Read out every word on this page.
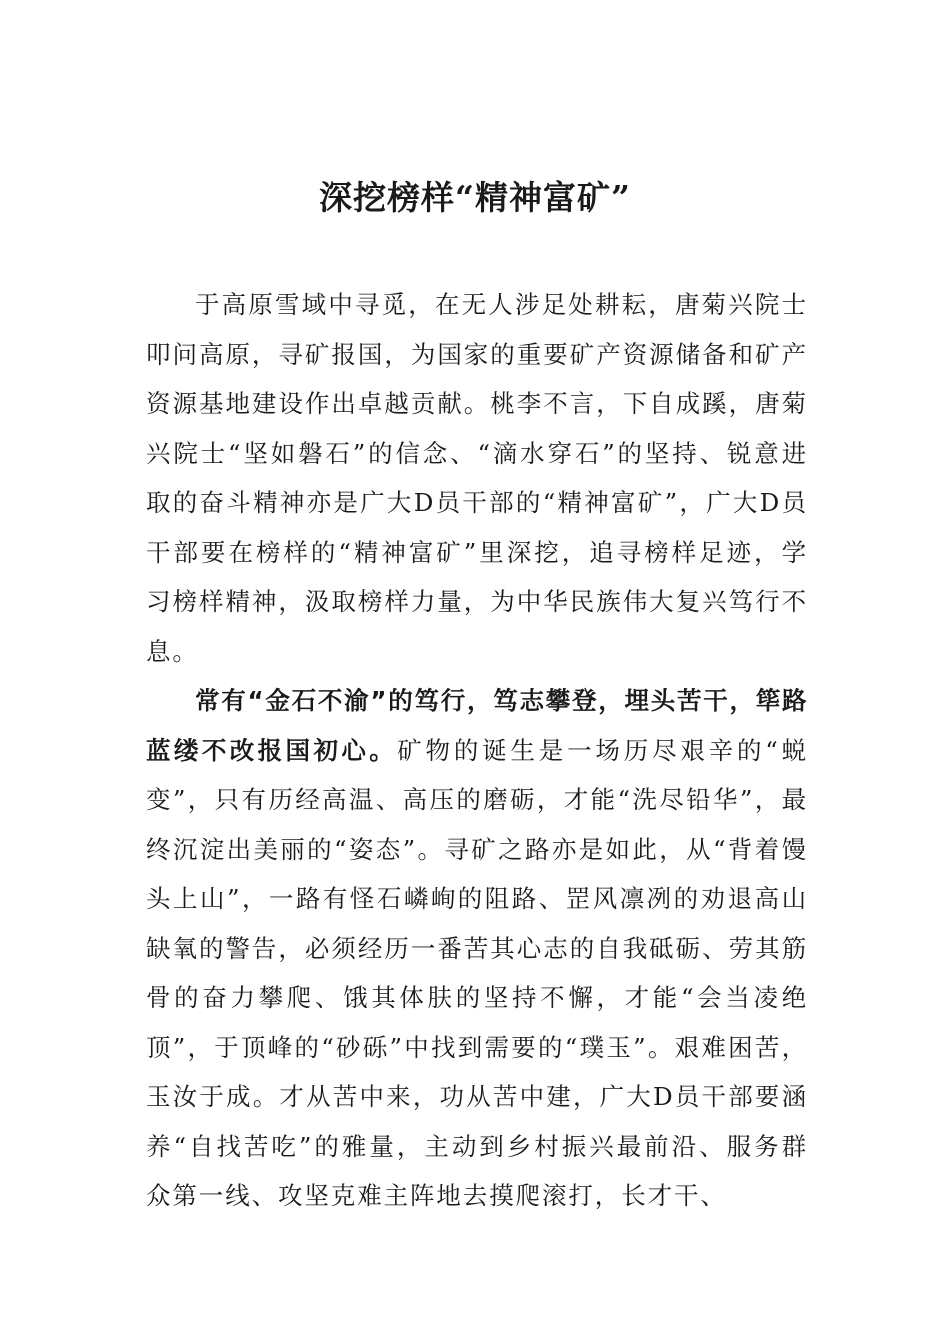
深挖榜样“精神富矿”

于高原雪域中寻觅，在无人涉足处耕耘，唐菊兴院士叩问高原，寻矿报国，为国家的重要矿产资源储备和矿产资源基地建设作出卓越贡献。桃李不言，下自成蹊，唐菊兴院士“坚如磐石”的信念、“滴水穿石”的坚持、锐意进取的奋斗精神亦是广大D员干部的“精神富矿”，广大D员干部要在榜样的“精神富矿”里深挖，追寻榜样足迹，学习榜样精神，汲取榜样力量，为中华民族伟大复兴笃行不息。

常有“金石不渝”的笃行，笃志攀登，埋头苦干，筚路蓝缕不改报国初心。矿物的诞生是一场历尽艰辛的“蜕变”，只有历经高温、高压的磨砺，才能“洗尽铅华”，最终沉淀出美丽的“姿态”。寻矿之路亦是如此，从“背着馒头上山”，一路有怪石嶙峋的阻路、罡风凛冽的劝退高山缺氧的警告，必须经历一番苦其心志的自我砥砺、劳其筋骨的奋力攀爬、饿其体肤的坚持不懈，才能“会当凌绝顶”，于顶峰的“砂砾”中找到需要的“璞玉”。艰难困苦，玉汝于成。才从苦中来，功从苦中建，广大D员干部要涵养“自找苦吃”的雅量，主动到乡村振兴最前沿、服务群众第一线、攻坚克难主阵地去摸爬滚打，长才干、
